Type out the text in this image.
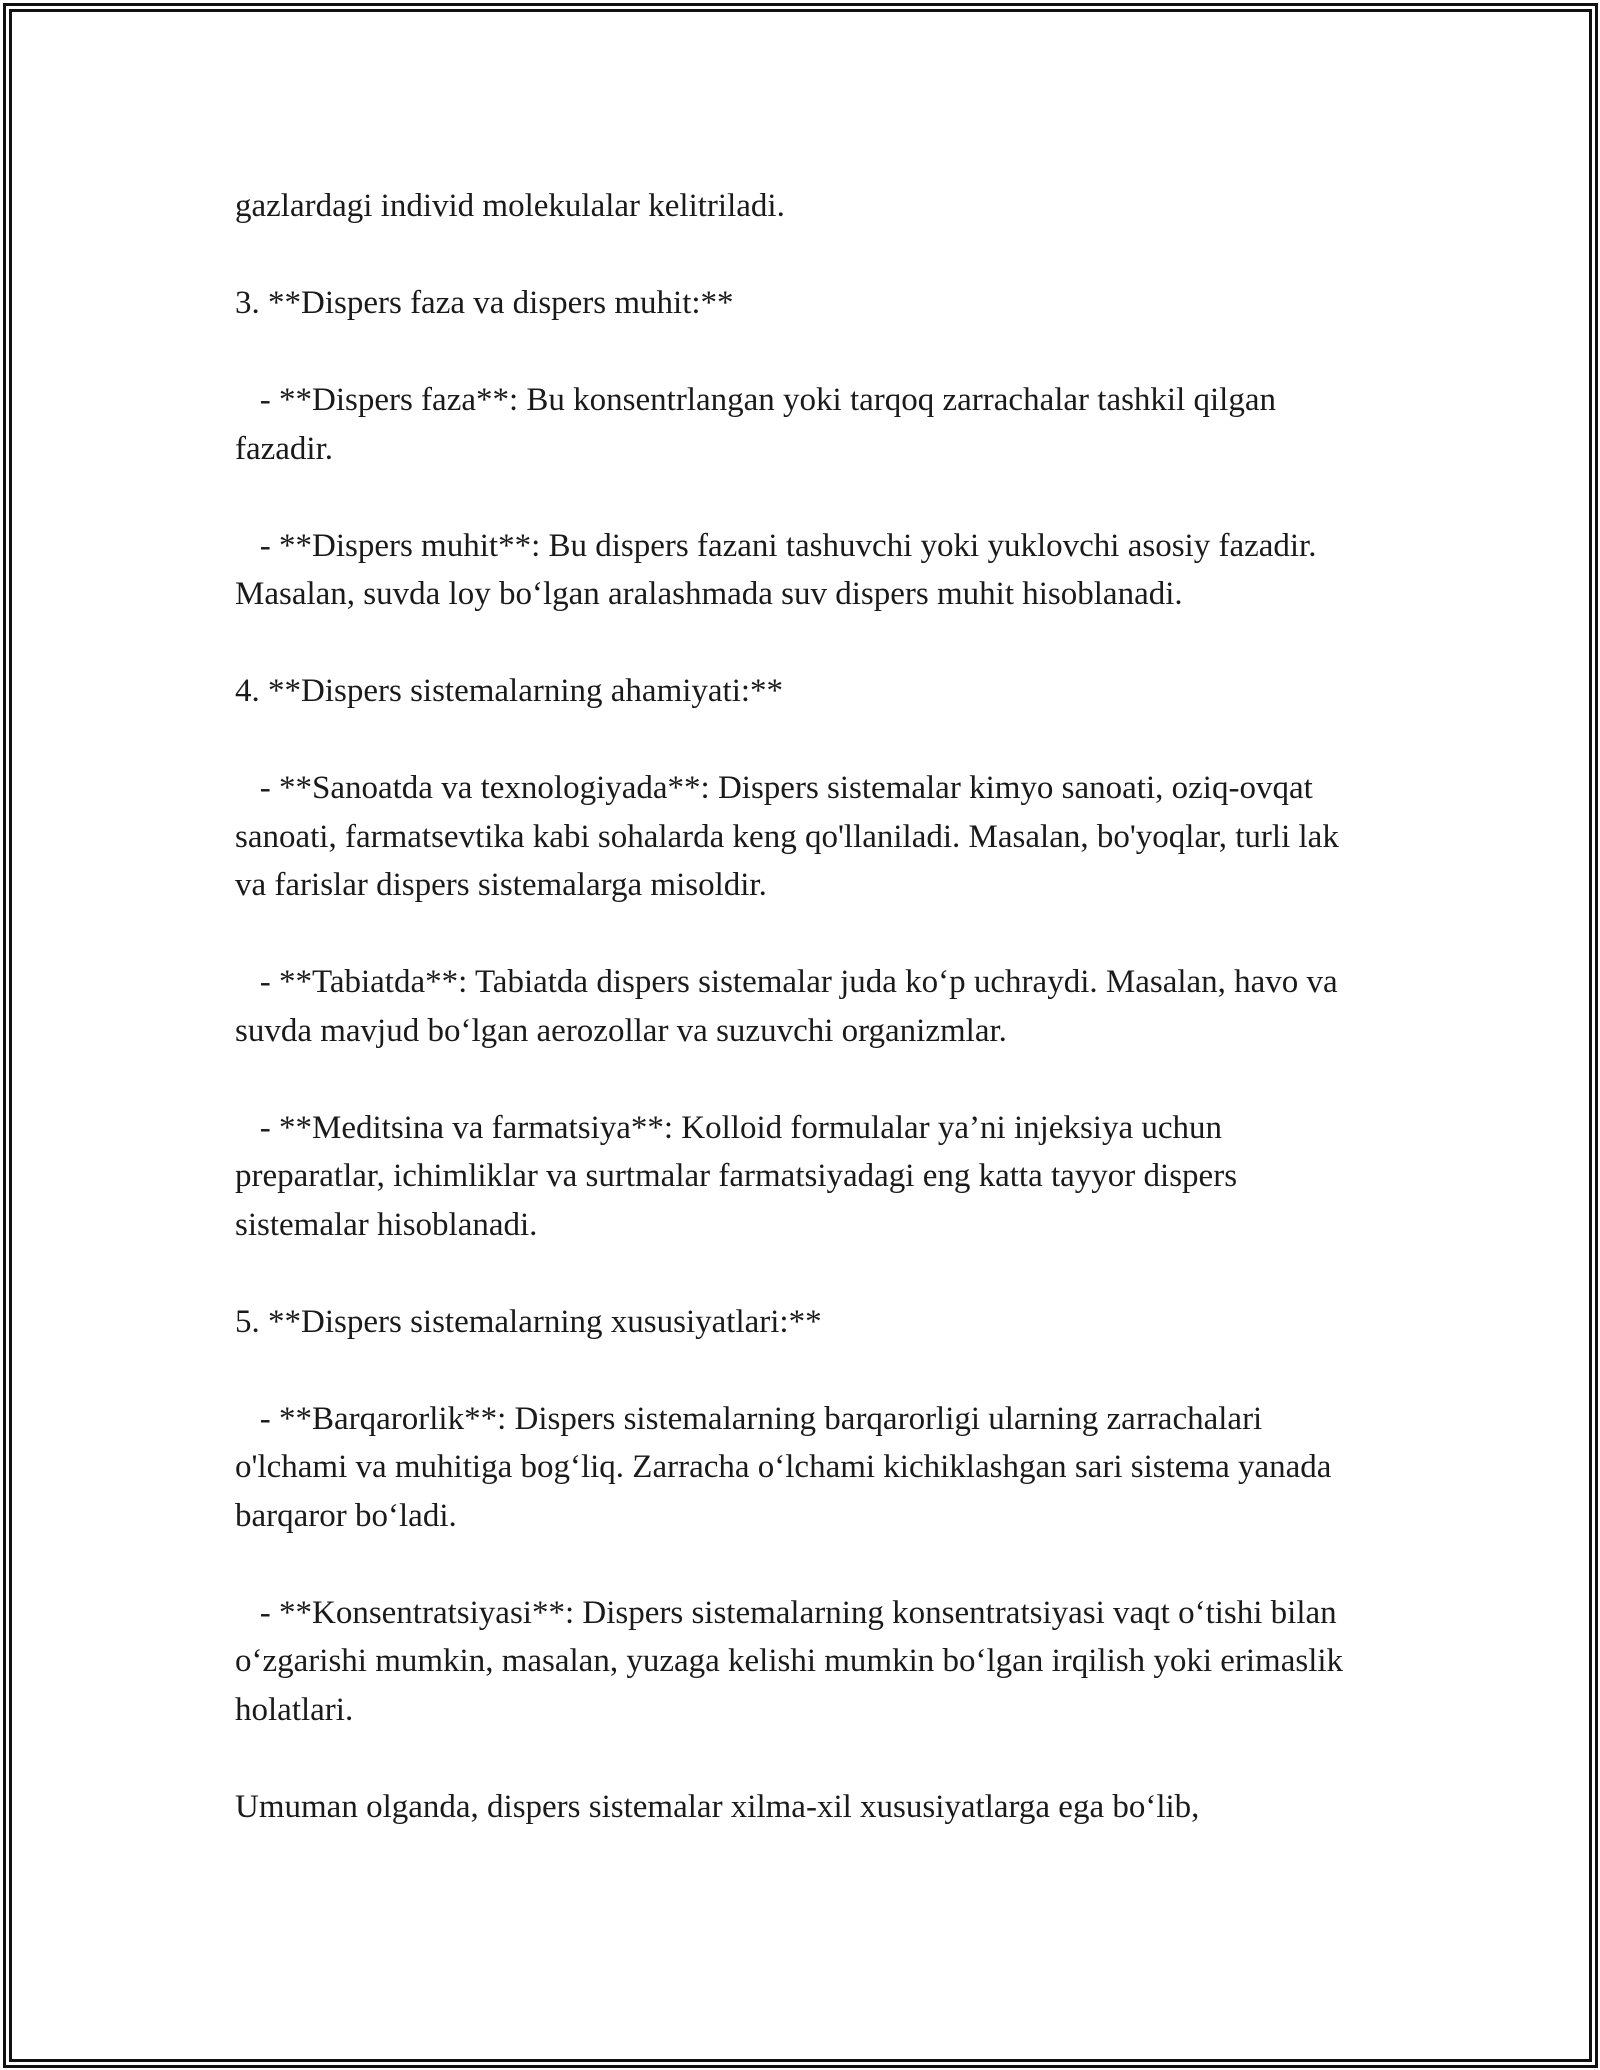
gazlardagi individ molekulalar kelitriladi.

3. **Dispers faza va dispers muhit:**

- **Dispers faza**: Bu konsentrlangan yoki tarqoq zarrachalar tashkil qilgan fazadir.

- **Dispers muhit**: Bu dispers fazani tashuvchi yoki yuklovchi asosiy fazadir. Masalan, suvda loy bo‘lgan aralashmada suv dispers muhit hisoblanadi.

4. **Dispers sistemalarning ahamiyati:**

- **Sanoatda va texnologiyada**: Dispers sistemalar kimyo sanoati, oziq-ovqat sanoati, farmatsevtika kabi sohalarda keng qo'llaniladi. Masalan, bo'yoqlar, turli lak va farislar dispers sistemalarga misoldir.

- **Tabiatda**: Tabiatda dispers sistemalar juda ko‘p uchraydi. Masalan, havo va suvda mavjud bo‘lgan aerozollar va suzuvchi organizmlar.

- **Meditsina va farmatsiya**: Kolloid formulalar ya’ni injeksiya uchun preparatlar, ichimliklar va surtmalar farmatsiyadagi eng katta tayyor dispers sistemalar hisoblanadi.

5. **Dispers sistemalarning xususiyatlari:**

- **Barqarorlik**: Dispers sistemalarning barqarorligi ularning zarrachalari o'lchami va muhitiga bog‘liq. Zarracha o‘lchami kichiklashgan sari sistema yanada barqaror bo‘ladi.

- **Konsentratsiyasi**: Dispers sistemalarning konsentratsiyasi vaqt o‘tishi bilan o‘zgarishi mumkin, masalan, yuzaga kelishi mumkin bo‘lgan irqilish yoki erimaslik holatlari.

Umuman olganda, dispers sistemalar xilma-xil xususiyatlarga ega bo‘lib,
